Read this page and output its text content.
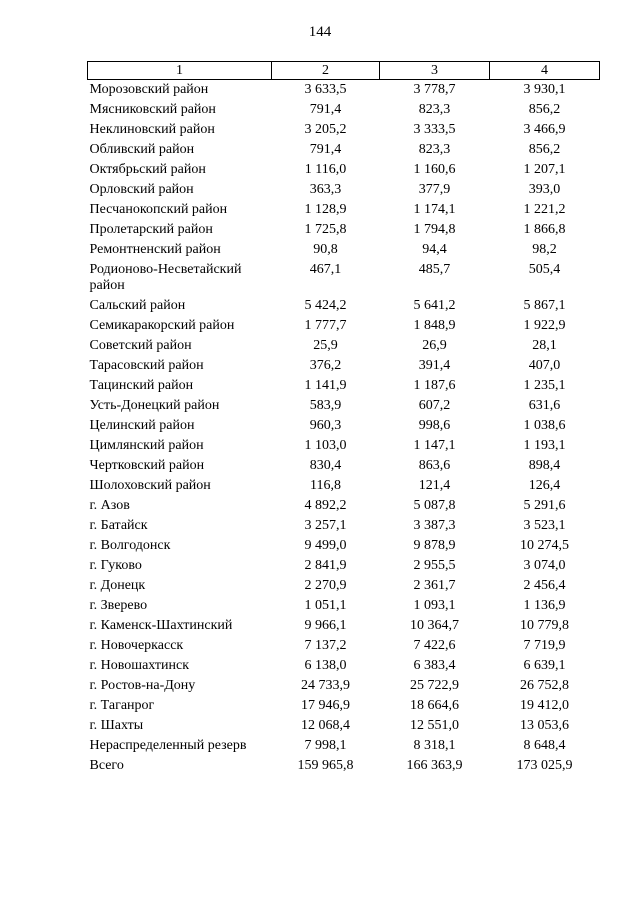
144
1	2	3	4
Морозовский район	3 633,5	3 778,7	3 930,1
Мясниковский район	791,4	823,3	856,2
Неклиновский район	3 205,2	3 333,5	3 466,9
Обливский район	791,4	823,3	856,2
Октябрьский район	1 116,0	1 160,6	1 207,1
Орловский район	363,3	377,9	393,0
Песчанокопский район	1 128,9	1 174,1	1 221,2
Пролетарский район	1 725,8	1 794,8	1 866,8
Ремонтненский район	90,8	94,4	98,2
Родионово-Несветайский район	467,1	485,7	505,4
Сальский район	5 424,2	5 641,2	5 867,1
Семикаракорский район	1 777,7	1 848,9	1 922,9
Советский район	25,9	26,9	28,1
Тарасовский район	376,2	391,4	407,0
Тацинский район	1 141,9	1 187,6	1 235,1
Усть-Донецкий район	583,9	607,2	631,6
Целинский район	960,3	998,6	1 038,6
Цимлянский район	1 103,0	1 147,1	1 193,1
Чертковский район	830,4	863,6	898,4
Шолоховский район	116,8	121,4	126,4
г. Азов	4 892,2	5 087,8	5 291,6
г. Батайск	3 257,1	3 387,3	3 523,1
г. Волгодонск	9 499,0	9 878,9	10 274,5
г. Гуково	2 841,9	2 955,5	3 074,0
г. Донецк	2 270,9	2 361,7	2 456,4
г. Зверево	1 051,1	1 093,1	1 136,9
г. Каменск-Шахтинский	9 966,1	10 364,7	10 779,8
г. Новочеркасск	7 137,2	7 422,6	7 719,9
г. Новошахтинск	6 138,0	6 383,4	6 639,1
г. Ростов-на-Дону	24 733,9	25 722,9	26 752,8
г. Таганрог	17 946,9	18 664,6	19 412,0
г. Шахты	12 068,4	12 551,0	13 053,6
Нераспределенный резерв	7 998,1	8 318,1	8 648,4
Всего	159 965,8	166 363,9	173 025,9
